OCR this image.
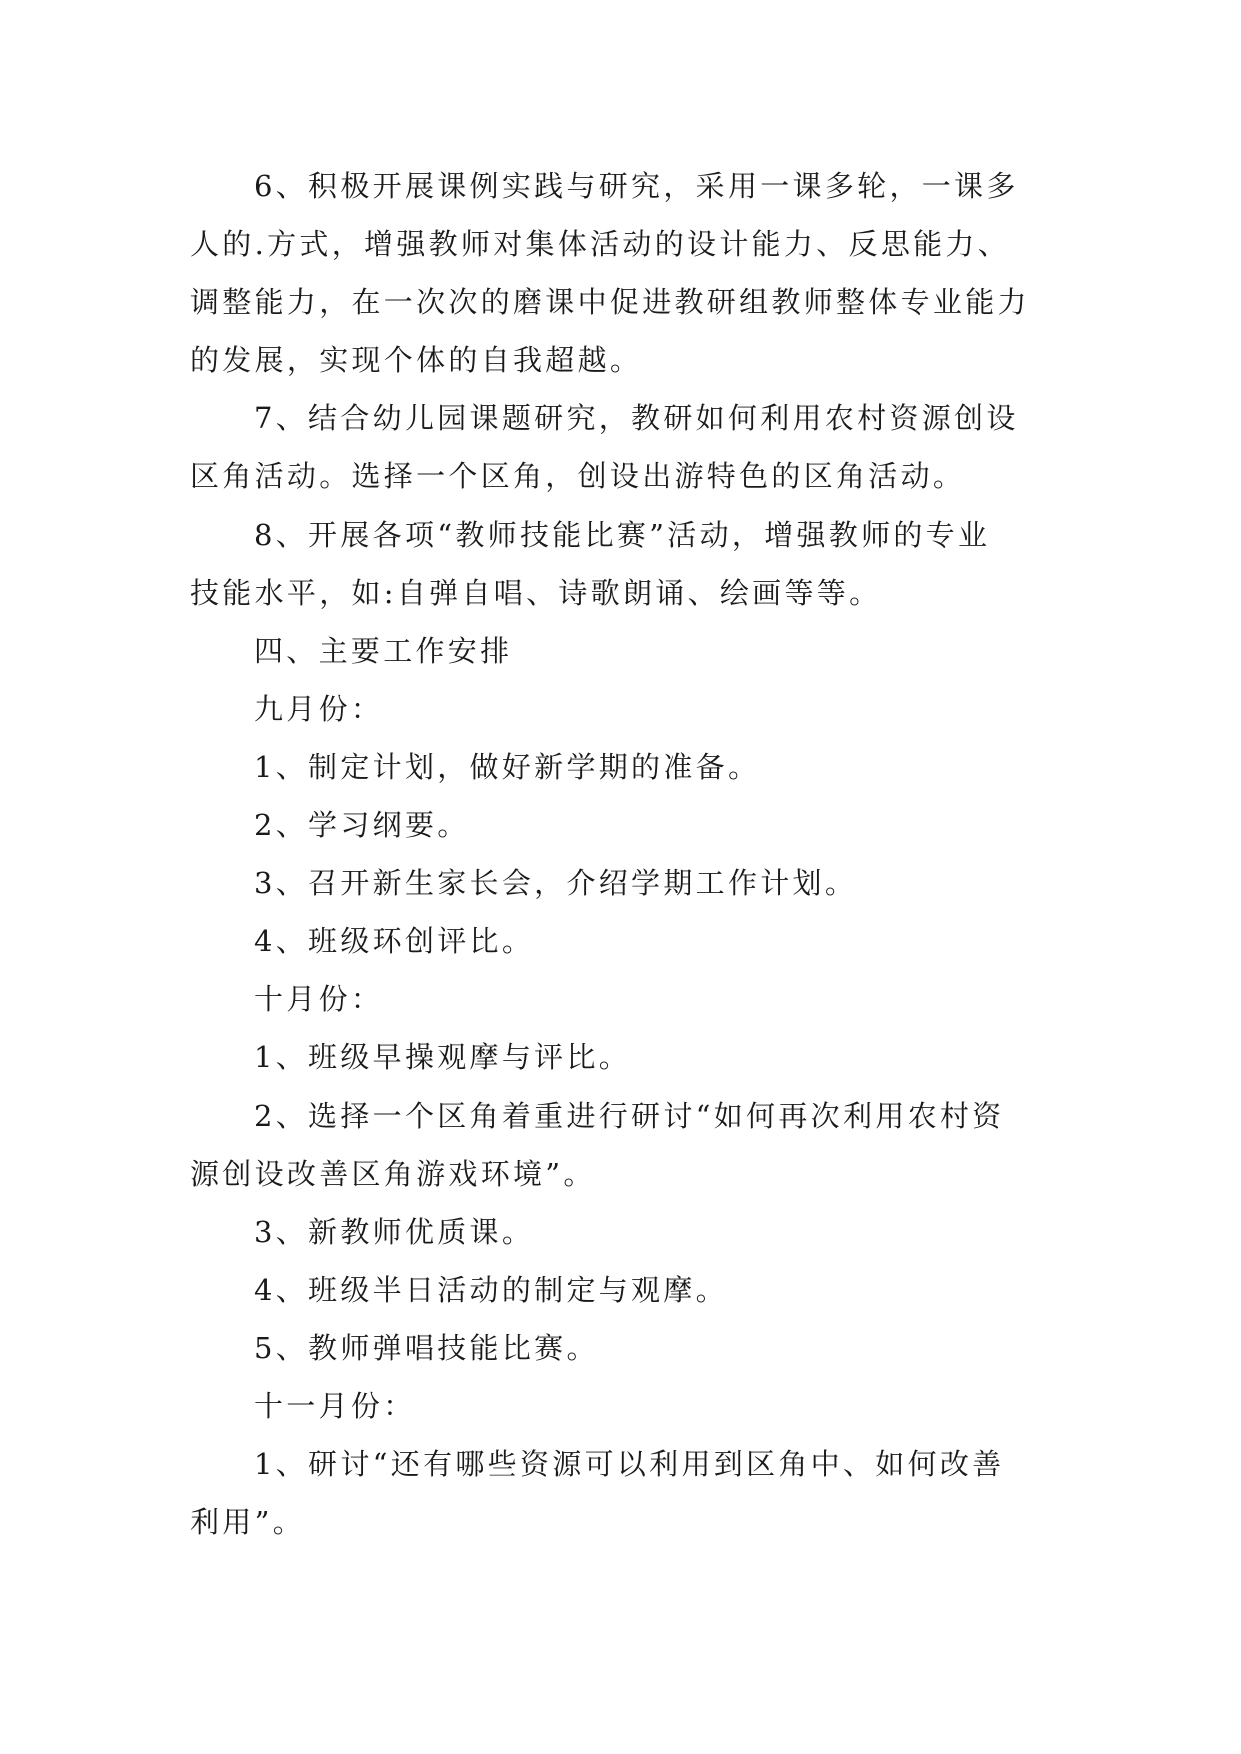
6、积极开展课例实践与研究，采用一课多轮，一课多
人的.方式，增强教师对集体活动的设计能力、反思能力、
调整能力，在一次次的磨课中促进教研组教师整体专业能力
的发展，实现个体的自我超越。
7、结合幼儿园课题研究，教研如何利用农村资源创设
区角活动。选择一个区角，创设出游特色的区角活动。
8、开展各项“教师技能比赛”活动，增强教师的专业
技能水平，如:自弹自唱、诗歌朗诵、绘画等等。
四、主要工作安排
九月份：
1、制定计划，做好新学期的准备。
2、学习纲要。
3、召开新生家长会，介绍学期工作计划。
4、班级环创评比。
十月份：
1、班级早操观摩与评比。
2、选择一个区角着重进行研讨“如何再次利用农村资
源创设改善区角游戏环境”。
3、新教师优质课。
4、班级半日活动的制定与观摩。
5、教师弹唱技能比赛。
十一月份：
1、研讨“还有哪些资源可以利用到区角中、如何改善
利用”。
